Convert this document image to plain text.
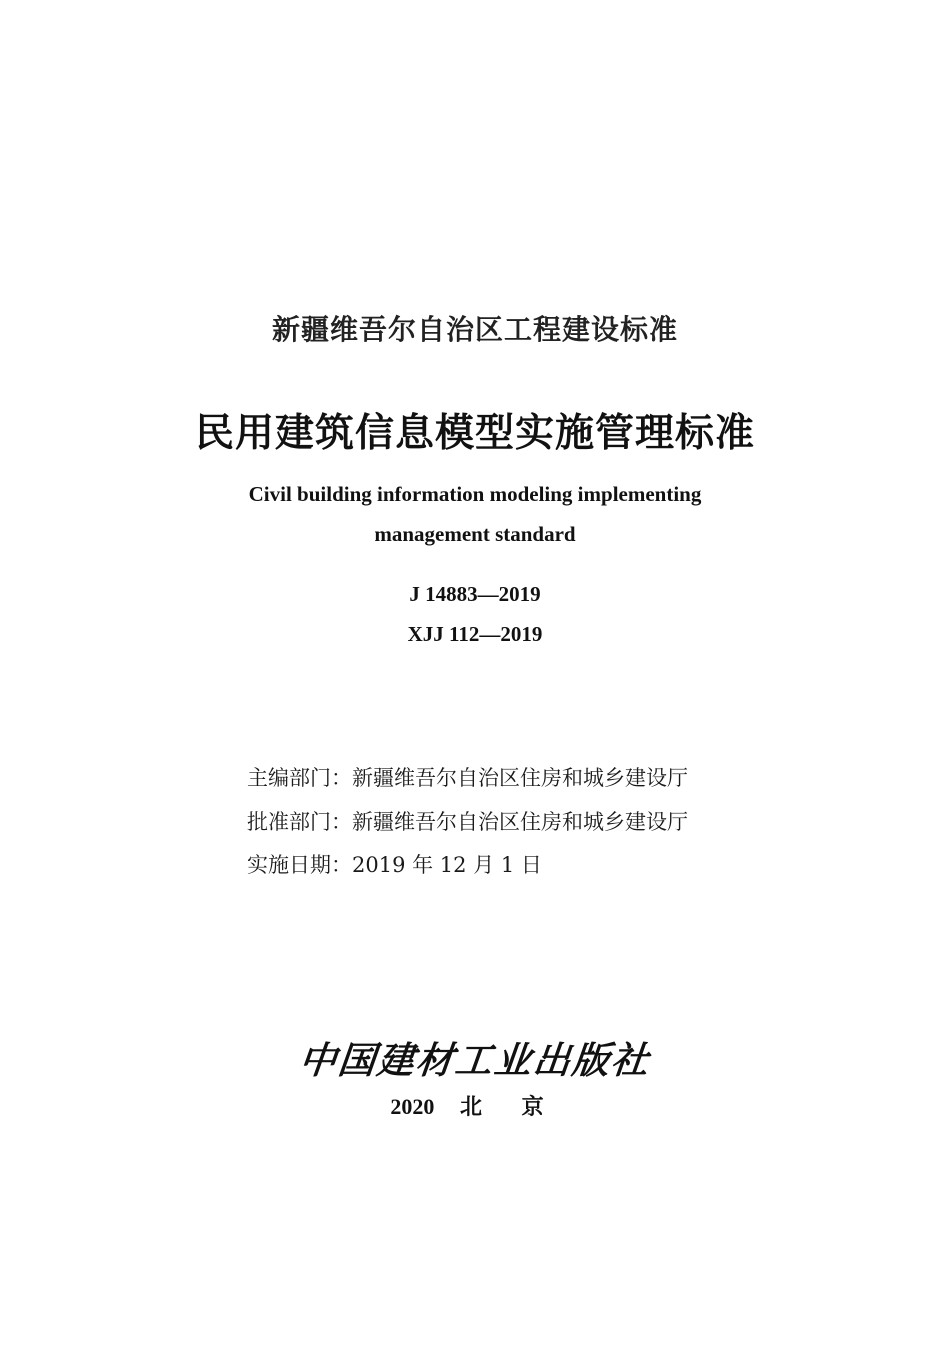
新疆维吾尔自治区工程建设标准
民用建筑信息模型实施管理标准
Civil building information modeling implementing
management standard
J 14883—2019
XJJ 112—2019
主编部门 ： 新疆维吾尔自治区住房和城乡建设厅
批准部门 ： 新疆维吾尔自治区住房和城乡建设厅
实施日期 ： 2019 年 12 月 1 日
中国建材工业出版社
2020 北 京
